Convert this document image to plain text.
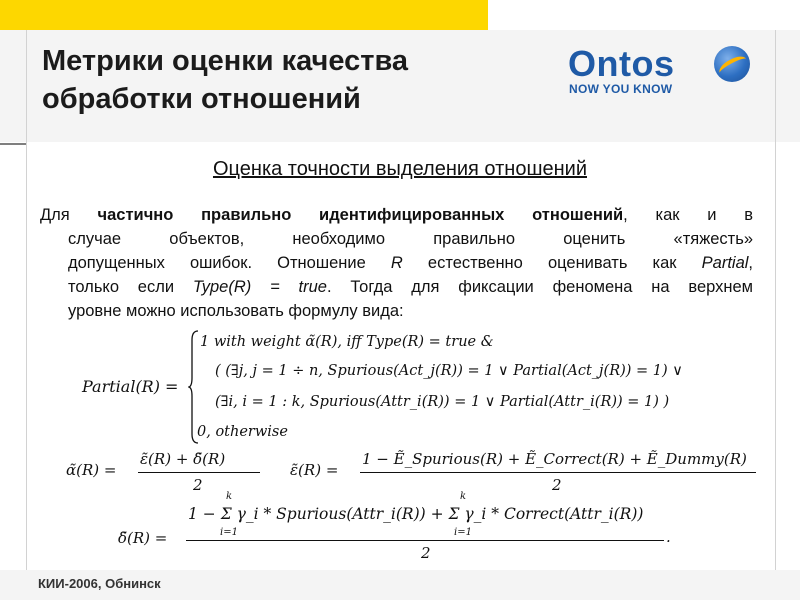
Метрики оценки качества
обработки отношений
Ontos
NOW YOU KNOW
Оценка точности выделения отношений
Для частично правильно идентифицированных отношений, как и в
случае объектов, необходимо правильно оценить «тяжесть»
допущенных ошибок. Отношение R естественно оценивать как Partial,
только если Type(R) = true. Тогда для фиксации феномена на верхнем
уровне можно использовать формулу вида:
Partial(R) =
1 with weight α̃(R), iff Type(R) = true &
( (∃j, j = 1 ÷ n, Spurious(Act_j(R)) = 1 ∨ Partial(Act_j(R)) = 1) ∨
(∃i, i = 1 : k, Spurious(Attr_i(R)) = 1 ∨ Partial(Attr_i(R)) = 1) )
0, otherwise
α̃(R) =
ε̃(R) + δ̃(R)
2
ε̃(R) =
1 − Ẽ_Spurious(R) + Ẽ_Correct(R) + Ẽ_Dummy(R)
2
δ̃(R) =
k
i=1
k
i=1
1 − Σ γ_i * Spurious(Attr_i(R)) + Σ γ_i * Correct(Attr_i(R))
.
2
КИИ-2006, Обнинск
